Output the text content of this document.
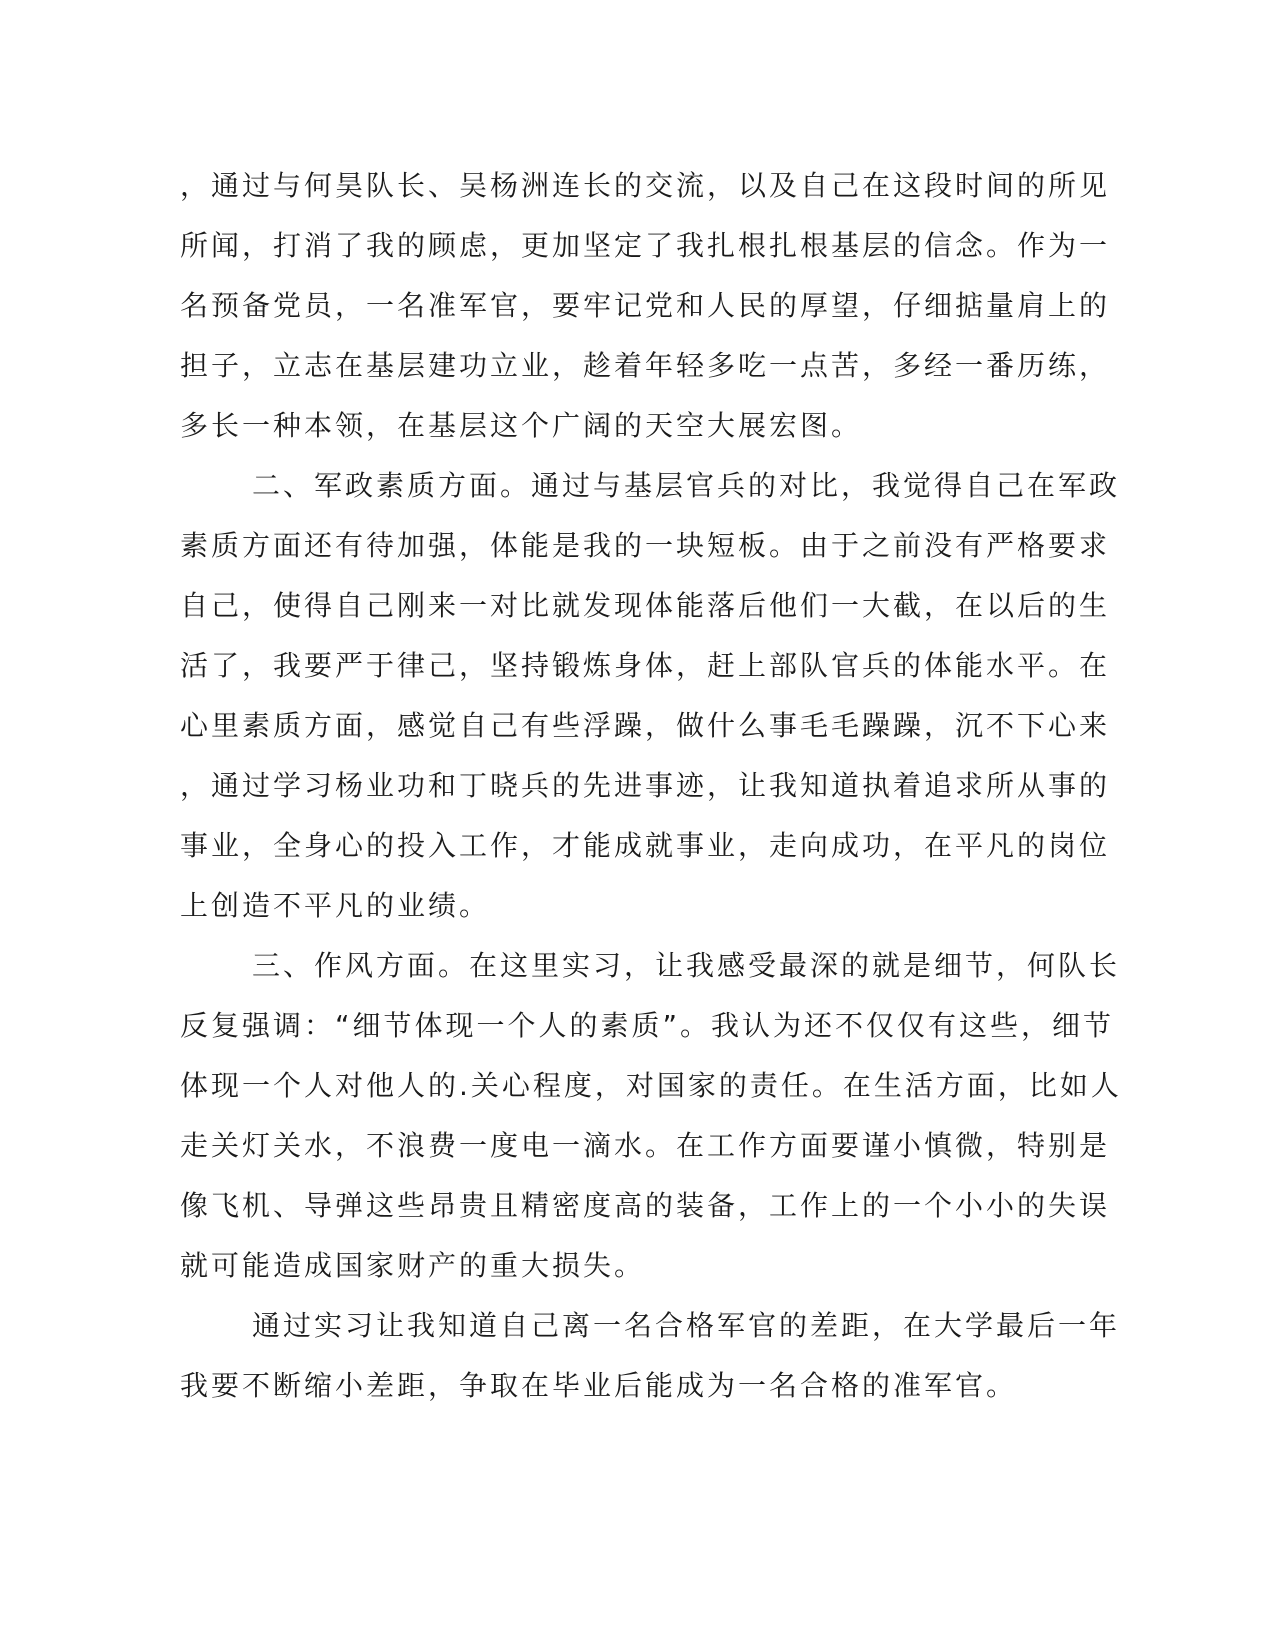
，通过与何昊队长、吴杨洲连长的交流，以及自己在这段时间的所见
所闻，打消了我的顾虑，更加坚定了我扎根扎根基层的信念。作为一
名预备党员，一名准军官，要牢记党和人民的厚望，仔细掂量肩上的
担子，立志在基层建功立业，趁着年轻多吃一点苦，多经一番历练，
多长一种本领，在基层这个广阔的天空大展宏图。
二、军政素质方面。通过与基层官兵的对比，我觉得自己在军政
素质方面还有待加强，体能是我的一块短板。由于之前没有严格要求
自己，使得自己刚来一对比就发现体能落后他们一大截，在以后的生
活了，我要严于律己，坚持锻炼身体，赶上部队官兵的体能水平。在
心里素质方面，感觉自己有些浮躁，做什么事毛毛躁躁，沉不下心来
，通过学习杨业功和丁晓兵的先进事迹，让我知道执着追求所从事的
事业，全身心的投入工作，才能成就事业，走向成功，在平凡的岗位
上创造不平凡的业绩。
三、作风方面。在这里实习，让我感受最深的就是细节，何队长
反复强调：“细节体现一个人的素质”。我认为还不仅仅有这些，细节
体现一个人对他人的.关心程度，对国家的责任。在生活方面，比如人
走关灯关水，不浪费一度电一滴水。在工作方面要谨小慎微，特别是
像飞机、导弹这些昂贵且精密度高的装备，工作上的一个小小的失误
就可能造成国家财产的重大损失。
通过实习让我知道自己离一名合格军官的差距，在大学最后一年
我要不断缩小差距，争取在毕业后能成为一名合格的准军官。
